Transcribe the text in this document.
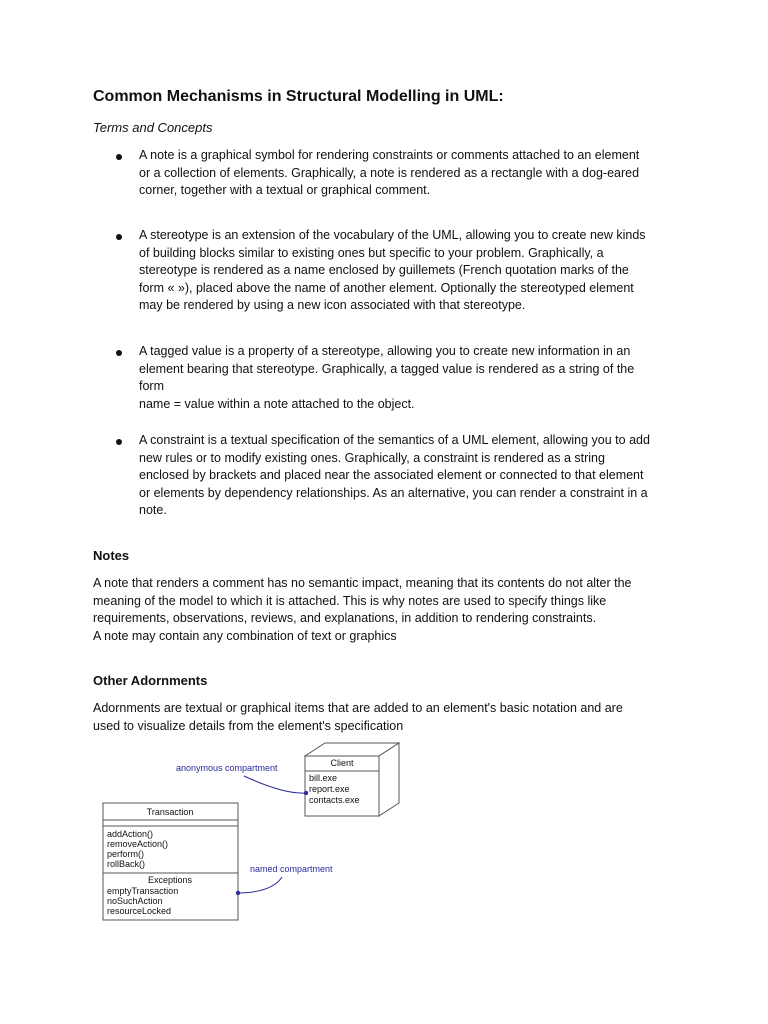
Common Mechanisms in Structural Modelling in UML:

Terms and Concepts

A note is a graphical symbol for rendering constraints or comments attached to an element
or a collection of elements. Graphically, a note is rendered as a rectangle with a dog-eared
corner, together with a textual or graphical comment.

A stereotype is an extension of the vocabulary of the UML, allowing you to create new kinds
of building blocks similar to existing ones but specific to your problem. Graphically, a
stereotype is rendered as a name enclosed by guillemets (French quotation marks of the
form « »), placed above the name of another element. Optionally the stereotyped element
may be rendered by using a new icon associated with that stereotype.

A tagged value is a property of a stereotype, allowing you to create new information in an
element bearing that stereotype. Graphically, a tagged value is rendered as a string of the
form
name = value within a note attached to the object.

A constraint is a textual specification of the semantics of a UML element, allowing you to add
new rules or to modify existing ones. Graphically, a constraint is rendered as a string
enclosed by brackets and placed near the associated element or connected to that element
or elements by dependency relationships. As an alternative, you can render a constraint in a
note.

Notes

A note that renders a comment has no semantic impact, meaning that its contents do not alter the
meaning of the model to which it is attached. This is why notes are used to specify things like
requirements, observations, reviews, and explanations, in addition to rendering constraints.
A note may contain any combination of text or graphics

Other Adornments

Adornments are textual or graphical items that are added to an element's basic notation and are
used to visualize details from the element's specification

Client
bill.exe
report.exe
contacts.exe
anonymous compartment
Transaction
addAction()
removeAction()
perform()
rollBack()
Exceptions
emptyTransaction
noSuchAction
resourceLocked
named compartment
